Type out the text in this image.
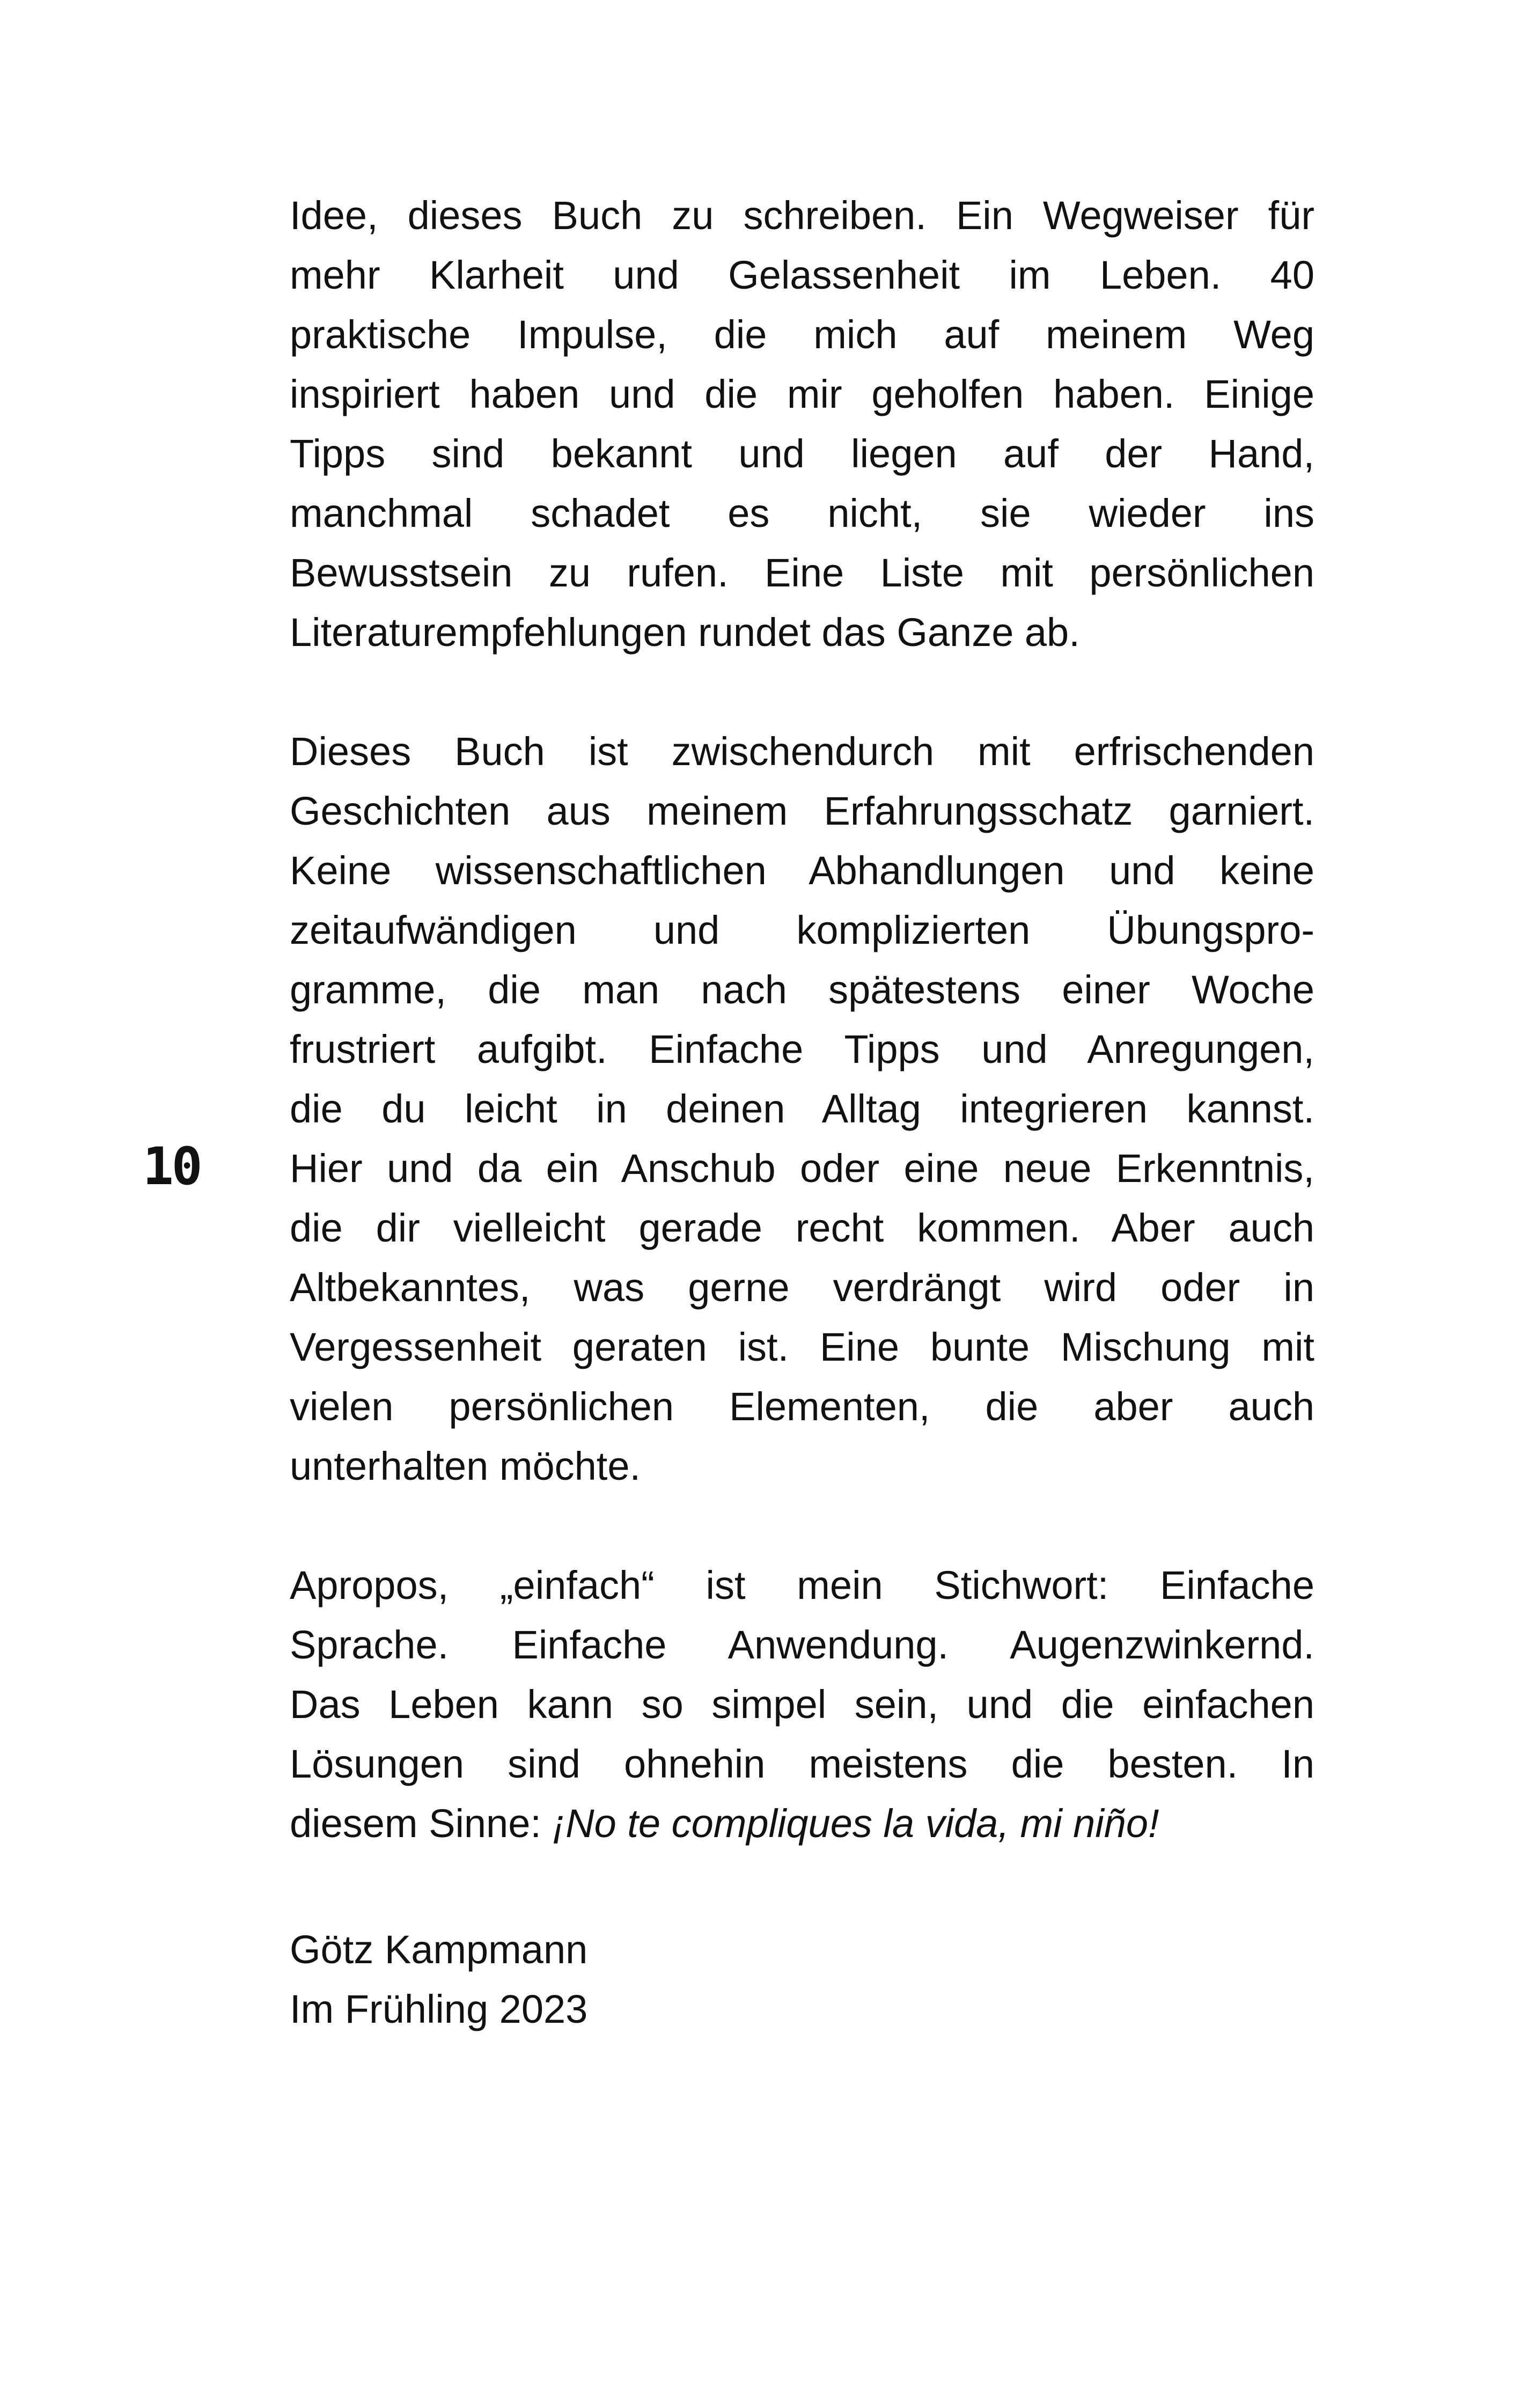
10
Idee, dieses Buch zu schreiben. Ein Wegweiser für
mehr Klarheit und Gelassenheit im Leben. 40
praktische Impulse, die mich auf meinem Weg
inspiriert haben und die mir geholfen haben. Einige
Tipps sind bekannt und liegen auf der Hand,
manchmal schadet es nicht, sie wieder ins
Bewusstsein zu rufen. Eine Liste mit persönlichen
Literaturempfehlungen rundet das Ganze ab.
Dieses Buch ist zwischendurch mit erfrischenden
Geschichten aus meinem Erfahrungsschatz garniert.
Keine wissenschaftlichen Abhandlungen und keine
zeitaufwändigen und komplizierten Übungspro-
gramme, die man nach spätestens einer Woche
frustriert aufgibt. Einfache Tipps und Anregungen,
die du leicht in deinen Alltag integrieren kannst.
Hier und da ein Anschub oder eine neue Erkenntnis,
die dir vielleicht gerade recht kommen. Aber auch
Altbekanntes, was gerne verdrängt wird oder in
Vergessenheit geraten ist. Eine bunte Mischung mit
vielen persönlichen Elementen, die aber auch
unterhalten möchte.
Apropos, „einfach“ ist mein Stichwort: Einfache
Sprache. Einfache Anwendung. Augenzwinkernd.
Das Leben kann so simpel sein, und die einfachen
Lösungen sind ohnehin meistens die besten. In
diesem Sinne: ¡No te compliques la vida, mi niño!
Götz Kampmann
Im Frühling 2023
